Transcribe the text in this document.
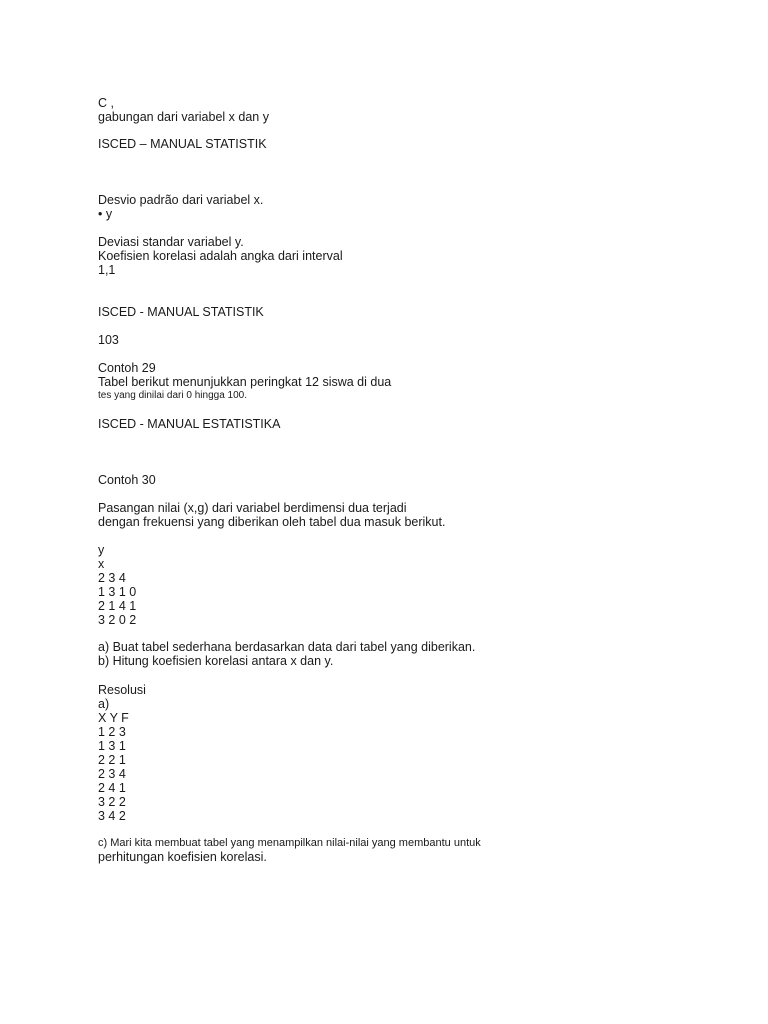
C ,
gabungan dari variabel x dan y
ISCED – MANUAL STATISTIK
Desvio padrão dari variabel x.
• y
Deviasi standar variabel y.
Koefisien korelasi adalah angka dari interval
1,1
ISCED - MANUAL STATISTIK
103
Contoh 29
Tabel berikut menunjukkan peringkat 12 siswa di dua
tes yang dinilai dari 0 hingga 100.
ISCED - MANUAL ESTATISTIKA
Contoh 30
Pasangan nilai (x,g) dari variabel berdimensi dua terjadi
dengan frekuensi yang diberikan oleh tabel dua masuk berikut.
y
x
2 3 4
1 3 1 0
2 1 4 1
3 2 0 2
a) Buat tabel sederhana berdasarkan data dari tabel yang diberikan.
b) Hitung koefisien korelasi antara x dan y.
Resolusi
a)
X Y F
1 2 3
1 3 1
2 2 1
2 3 4
2 4 1
3 2 2
3 4 2
c) Mari kita membuat tabel yang menampilkan nilai-nilai yang membantu untuk
perhitungan koefisien korelasi.
